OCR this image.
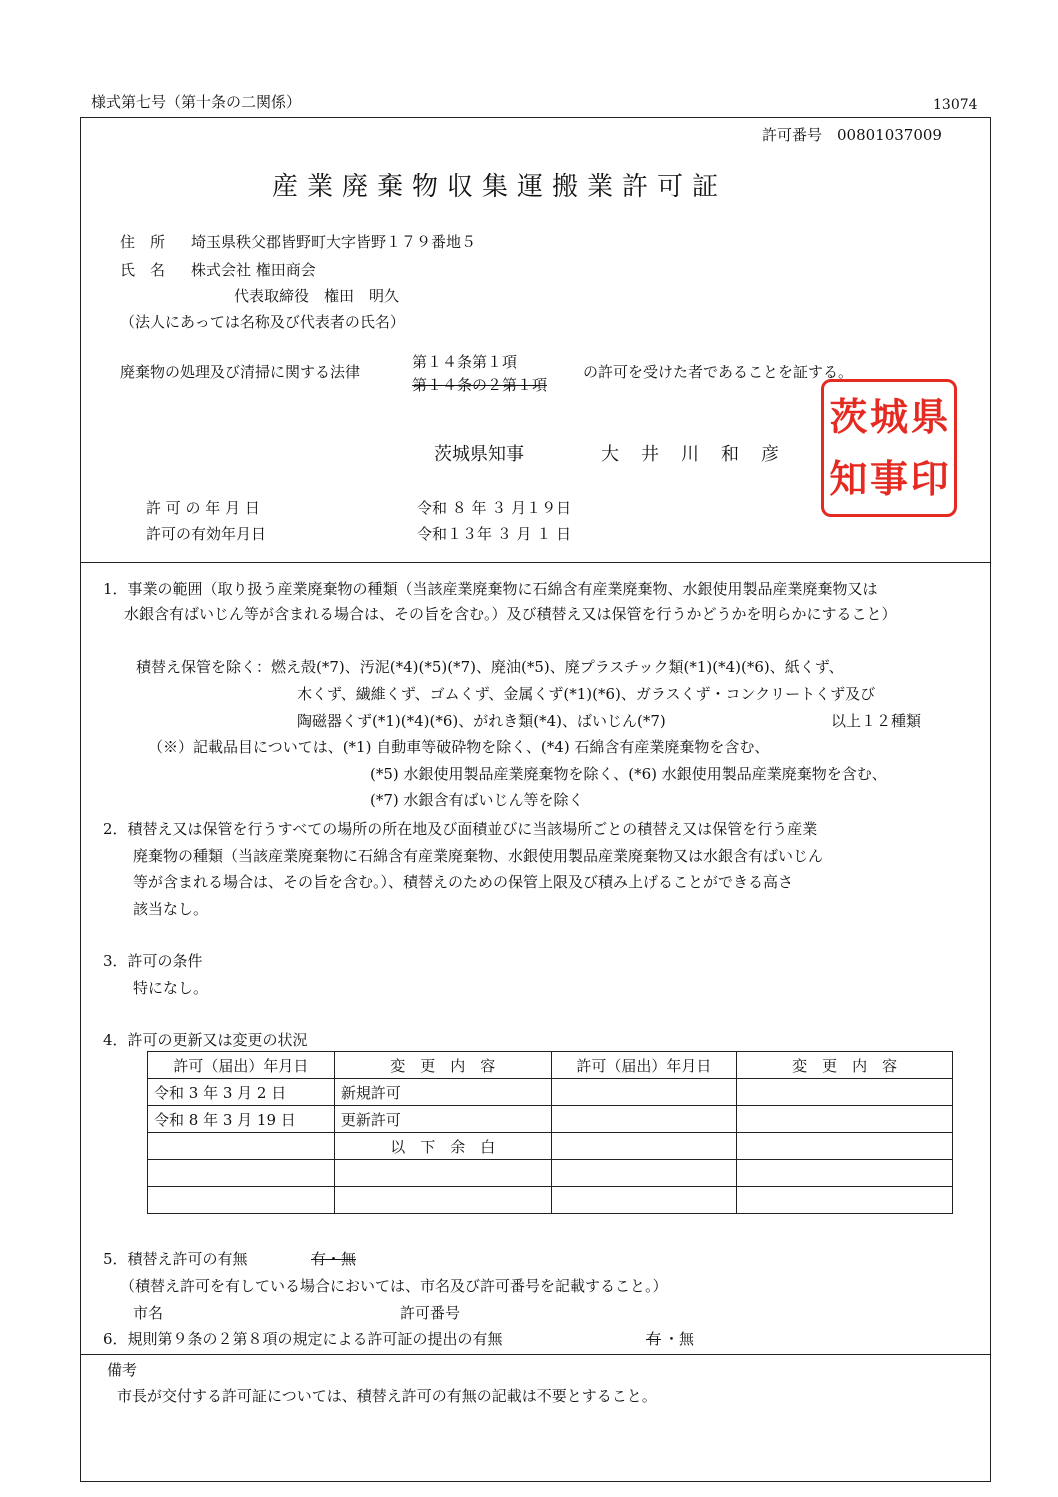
様式第七号（第十条の二関係）	13074
許可番号　00801037009
産業廃棄物収集運搬業許可証
住　所 埼玉県秩父郡皆野町大字皆野１７９番地５
氏　名 株式会社 権田商会
代表取締役　権田　明久
（法人にあっては名称及び代表者の氏名）
廃棄物の処理及び清掃に関する法律
第１４条第１項
第１４条の２第１項
の許可を受けた者であることを証する。
茨城県知事	大　井　川　和　彦
茨 城 県
知 事 印
許 可 の 年 月 日	令和 ８ 年 ３ 月１９日
許可の有効年月日	令和１３年 ３ 月 １ 日
1．事業の範囲（取り扱う産業廃棄物の種類（当該産業廃棄物に石綿含有産業廃棄物、水銀使用製品産業廃棄物又は
水銀含有ばいじん等が含まれる場合は、その旨を含む。）及び積替え又は保管を行うかどうかを明らかにすること）
積替え保管を除く：燃え殻(*7)、汚泥(*4)(*5)(*7)、廃油(*5)、廃プラスチック類(*1)(*4)(*6)、紙くず、
木くず、繊維くず、ゴムくず、金属くず(*1)(*6)、ガラスくず・コンクリートくず及び
陶磁器くず(*1)(*4)(*6)、がれき類(*4)、ばいじん(*7)	以上１２種類
（※）記載品目については、(*1) 自動車等破砕物を除く、(*4) 石綿含有産業廃棄物を含む、
(*5) 水銀使用製品産業廃棄物を除く、(*6) 水銀使用製品産業廃棄物を含む、
(*7) 水銀含有ばいじん等を除く
2．積替え又は保管を行うすべての場所の所在地及び面積並びに当該場所ごとの積替え又は保管を行う産業
廃棄物の種類（当該産業廃棄物に石綿含有産業廃棄物、水銀使用製品産業廃棄物又は水銀含有ばいじん
等が含まれる場合は、その旨を含む。）、積替えのための保管上限及び積み上げることができる高さ
該当なし。
3．許可の条件
特になし。
4．許可の更新又は変更の状況
許可（届出）年月日	変　更　内　容	許可（届出）年月日	変　更　内　容
令和 3 年 3 月 2 日	新規許可		
令和 8 年 3 月 19 日	更新許可		
	以　下　余　白		

5．積替え許可の有無	有・無
（積替え許可を有している場合においては、市名及び許可番号を記載すること。）
市名	許可番号
6．規則第９条の２第８項の規定による許可証の提出の有無	有 ・無
備考
市長が交付する許可証については、積替え許可の有無の記載は不要とすること。
